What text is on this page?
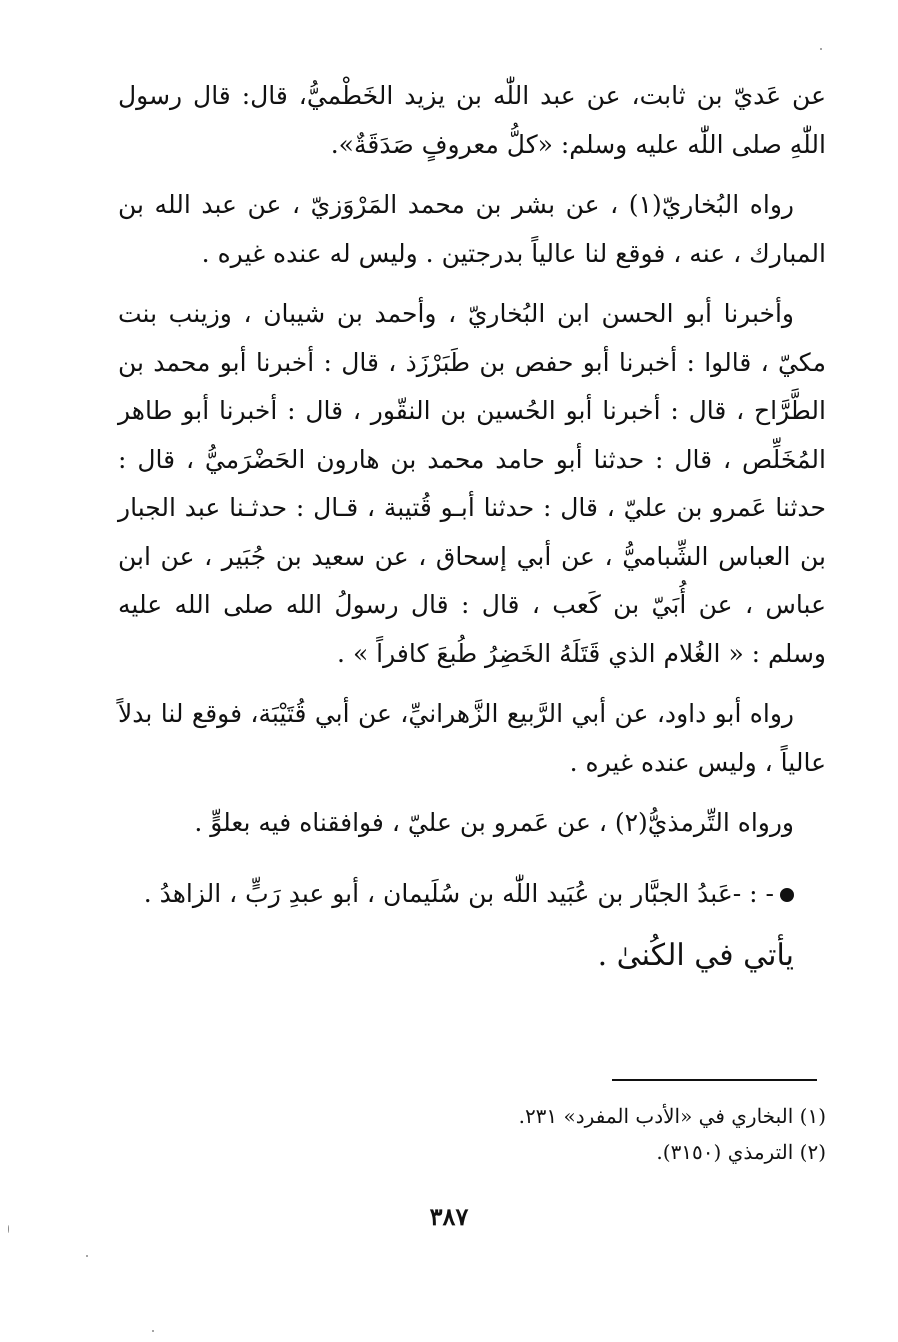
عن عَديّ بن ثابت، عن عبد اللّٰه بن يزيد الخَطْميُّ، قال: قال رسول اللّٰهِ صلى اللّٰه عليه وسلم: «كلُّ معروفٍ صَدَقَةٌ».

رواه البُخاريّ(١) ، عن بشر بن محمد المَرْوَزيّ ، عن عبد الله بن المبارك ، عنه ، فوقع لنا عالياً بدرجتين . وليس له عنده غيره .

وأخبرنا أبو الحسن ابن البُخاريّ ، وأحمد بن شيبان ، وزينب بنت مكيّ ، قالوا : أخبرنا أبو حفص بن طَبَرْزَذ ، قال : أخبرنا أبو محمد بن الطَّرَّاح ، قال : أخبرنا أبو الحُسين بن النقّور ، قال : أخبرنا أبو طاهر المُخَلِّص ، قال : حدثنا أبو حامد محمد بن هارون الحَضْرَميُّ ، قال : حدثنا عَمرو بن عليّ ، قال : حدثنا أبـو قُتيبة ، قـال : حدثـنا عبد الجبار بن العباس الشِّباميُّ ، عن أبي إسحاق ، عن سعيد بن جُبَير ، عن ابن عباس ، عن أُبَيّ بن كَعب ، قال : قال رسولُ الله صلى الله عليه وسلم : « الغُلام الذي قَتَلَهُ الخَضِرُ طُبعَ كافراً » .

رواه أبو داود، عن أبي الرَّبيع الزَّهرانيِّ، عن أبي قُتَيْبَة، فوقع لنا بدلاً عالياً ، وليس عنده غيره .

ورواه التِّرمذيُّ(٢) ، عن عَمرو بن عليّ ، فوافقناه فيه بعلوٍّ .

- : -عَبدُ الجبَّار بن عُبَيد اللّٰه بن سُلَيمان ، أبو عبدِ رَبٍّ ، الزاهدُ .

يأتي في الكُنىٰ .

(١) البخاري في «الأدب المفرد» ٢٣١.
(٢) الترمذي (٣١٥٠).
٣٨٧
